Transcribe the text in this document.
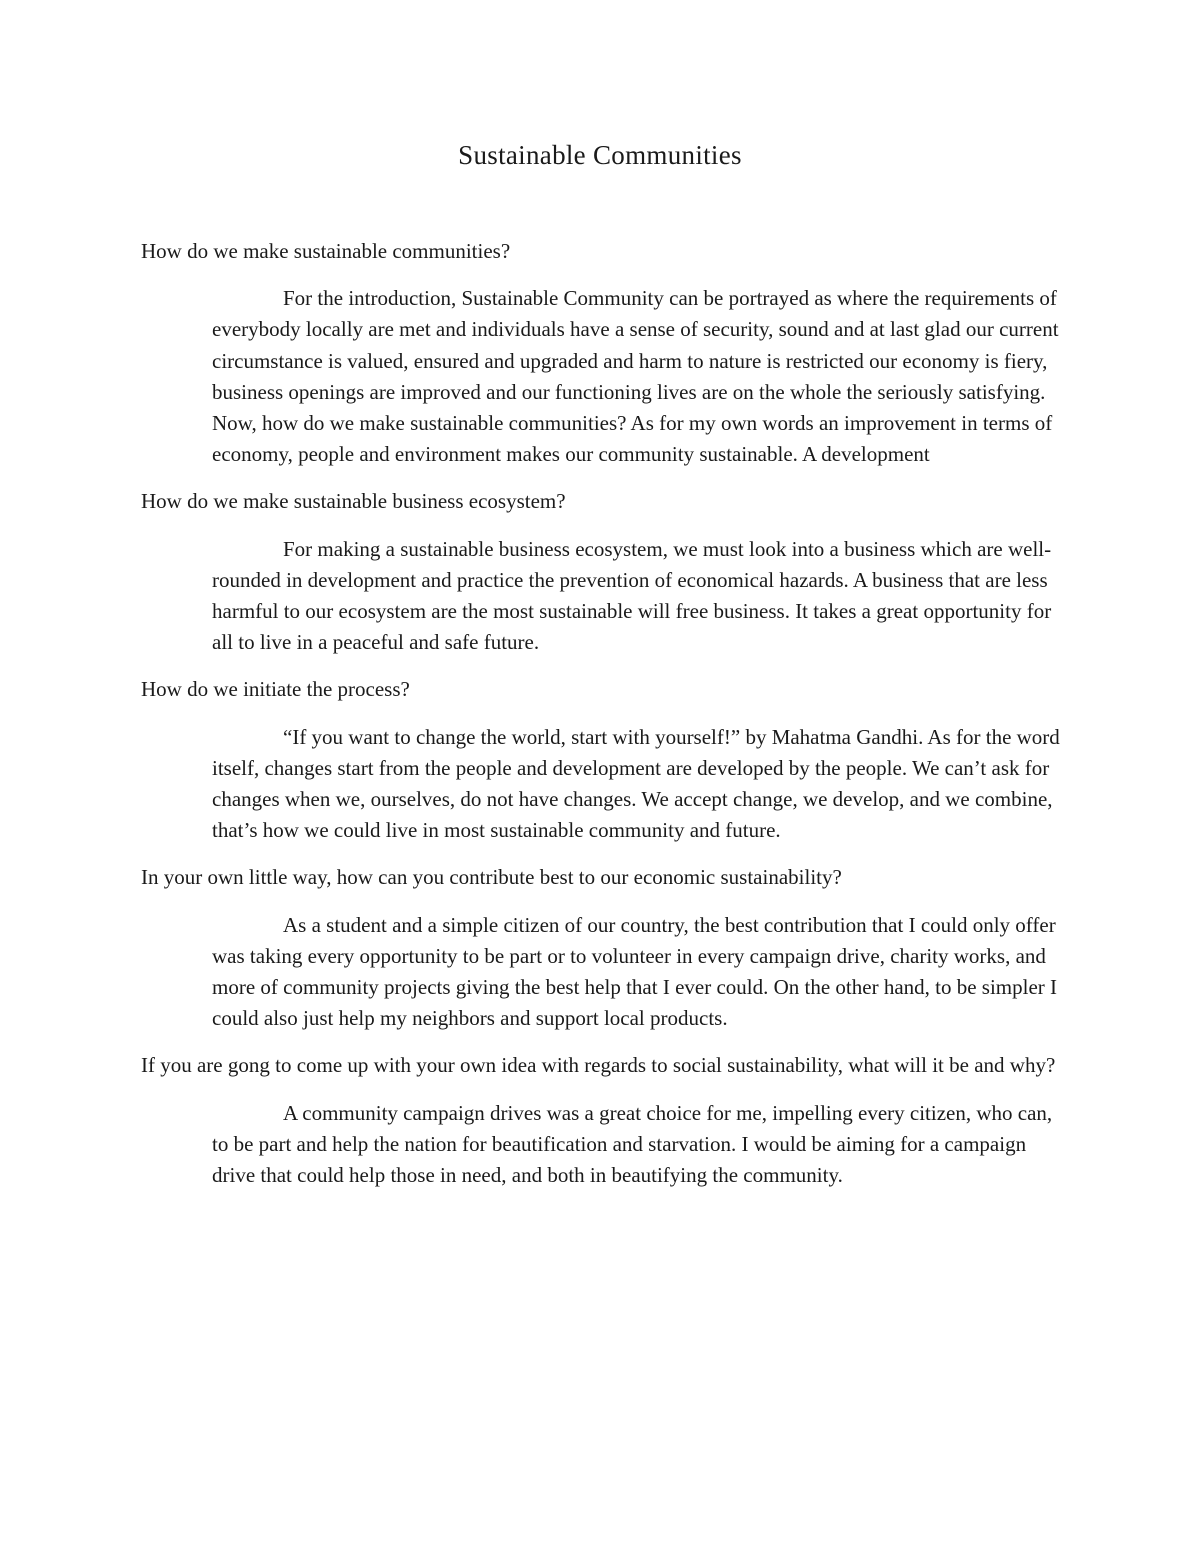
Sustainable Communities

How do we make sustainable communities?

For the introduction, Sustainable Community can be portrayed as where the requirements of everybody locally are met and individuals have a sense of security, sound and at last glad our current circumstance is valued, ensured and upgraded and harm to nature is restricted our economy is fiery, business openings are improved and our functioning lives are on the whole the seriously satisfying. Now, how do we make sustainable communities? As for my own words an improvement in terms of economy, people and environment makes our community sustainable. A development

How do we make sustainable business ecosystem?

For making a sustainable business ecosystem, we must look into a business which are well-rounded in development and practice the prevention of economical hazards. A business that are less harmful to our ecosystem are the most sustainable will free business. It takes a great opportunity for all to live in a peaceful and safe future.

How do we initiate the process?

“If you want to change the world, start with yourself!” by Mahatma Gandhi. As for the word itself, changes start from the people and development are developed by the people. We can’t ask for changes when we, ourselves, do not have changes. We accept change, we develop, and we combine, that’s how we could live in most sustainable community and future.

In your own little way, how can you contribute best to our economic sustainability?

As a student and a simple citizen of our country, the best contribution that I could only offer was taking every opportunity to be part or to volunteer in every campaign drive, charity works, and more of community projects giving the best help that I ever could. On the other hand, to be simpler I could also just help my neighbors and support local products.

If you are gong to come up with your own idea with regards to social sustainability, what will it be and why?

A community campaign drives was a great choice for me, impelling every citizen, who can, to be part and help the nation for beautification and starvation. I would be aiming for a campaign drive that could help those in need, and both in beautifying the community.
